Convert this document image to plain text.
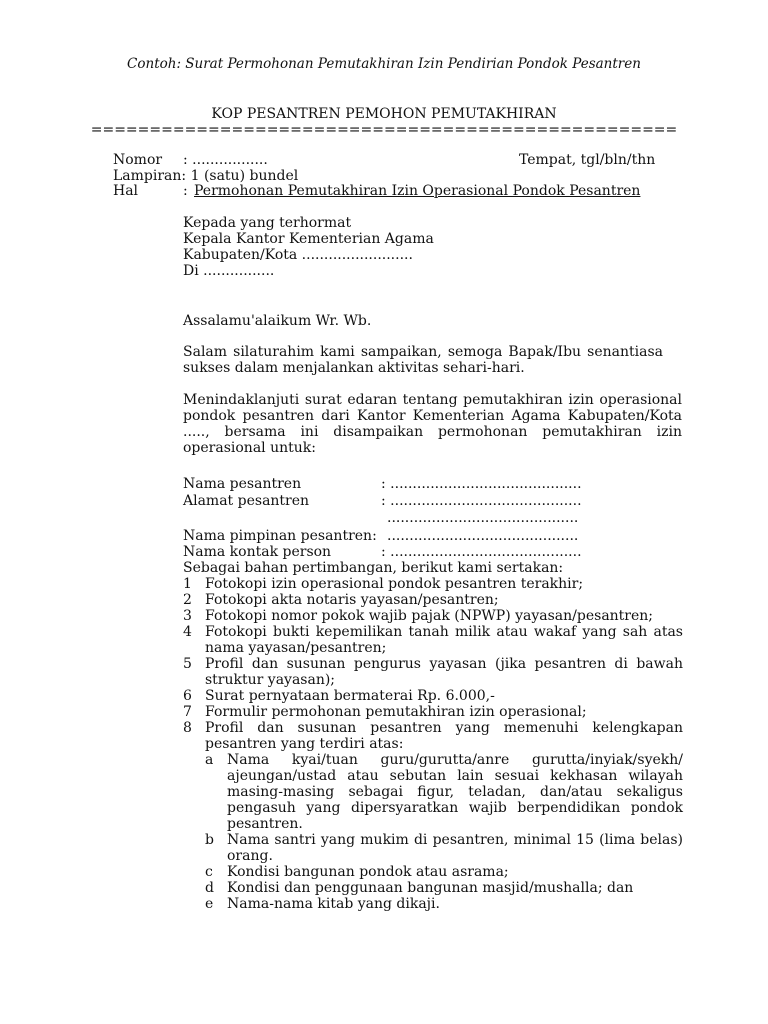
Contoh: Surat Permohonan Pemutakhiran Izin Pendirian Pondok Pesantren
KOP PESANTREN PEMOHON PEMUTAKHIRAN
==================================================
Nomor : .................	Tempat, tgl/bln/thn
Lampiran: 1 (satu) bundel
Hal	: Permohonan Pemutakhiran Izin Operasional Pondok Pesantren
Kepada yang terhormat
Kepala Kantor Kementerian Agama
Kabupaten/Kota .........................
Di ................
Assalamu'alaikum Wr. Wb.
Salam silaturahim kami sampaikan, semoga Bapak/Ibu senantiasa sukses dalam menjalankan aktivitas sehari-hari.
Menindaklanjuti surat edaran tentang pemutakhiran izin operasional pondok pesantren dari Kantor Kementerian Agama Kabupaten/Kota ....., bersama ini disampaikan permohonan pemutakhiran izin operasional untuk:
Nama pesantren	: ...........................................
Alamat pesantren	: ...........................................
...........................................
Nama pimpinan pesantren: ...........................................
Nama kontak person	: ...........................................
Sebagai bahan pertimbangan, berikut kami sertakan:
1 Fotokopi izin operasional pondok pesantren terakhir;
2 Fotokopi akta notaris yayasan/pesantren;
3 Fotokopi nomor pokok wajib pajak (NPWP) yayasan/pesantren;
4 Fotokopi bukti kepemilikan tanah milik atau wakaf yang sah atas nama yayasan/pesantren;
5 Profil dan susunan pengurus yayasan (jika pesantren di bawah struktur yayasan);
6 Surat pernyataan bermaterai Rp. 6.000,-
7 Formulir permohonan pemutakhiran izin operasional;
8 Profil dan susunan pesantren yang memenuhi kelengkapan pesantren yang terdiri atas:
a Nama kyai/tuan guru/gurutta/anre gurutta/inyiak/syekh/ ajeungan/ustad atau sebutan lain sesuai kekhasan wilayah masing-masing sebagai figur, teladan, dan/atau sekaligus pengasuh yang dipersyaratkan wajib berpendidikan pondok pesantren.
b Nama santri yang mukim di pesantren, minimal 15 (lima belas) orang.
c	Kondisi bangunan pondok atau asrama;
d Kondisi dan penggunaan bangunan masjid/mushalla; dan
e Nama-nama kitab yang dikaji.
